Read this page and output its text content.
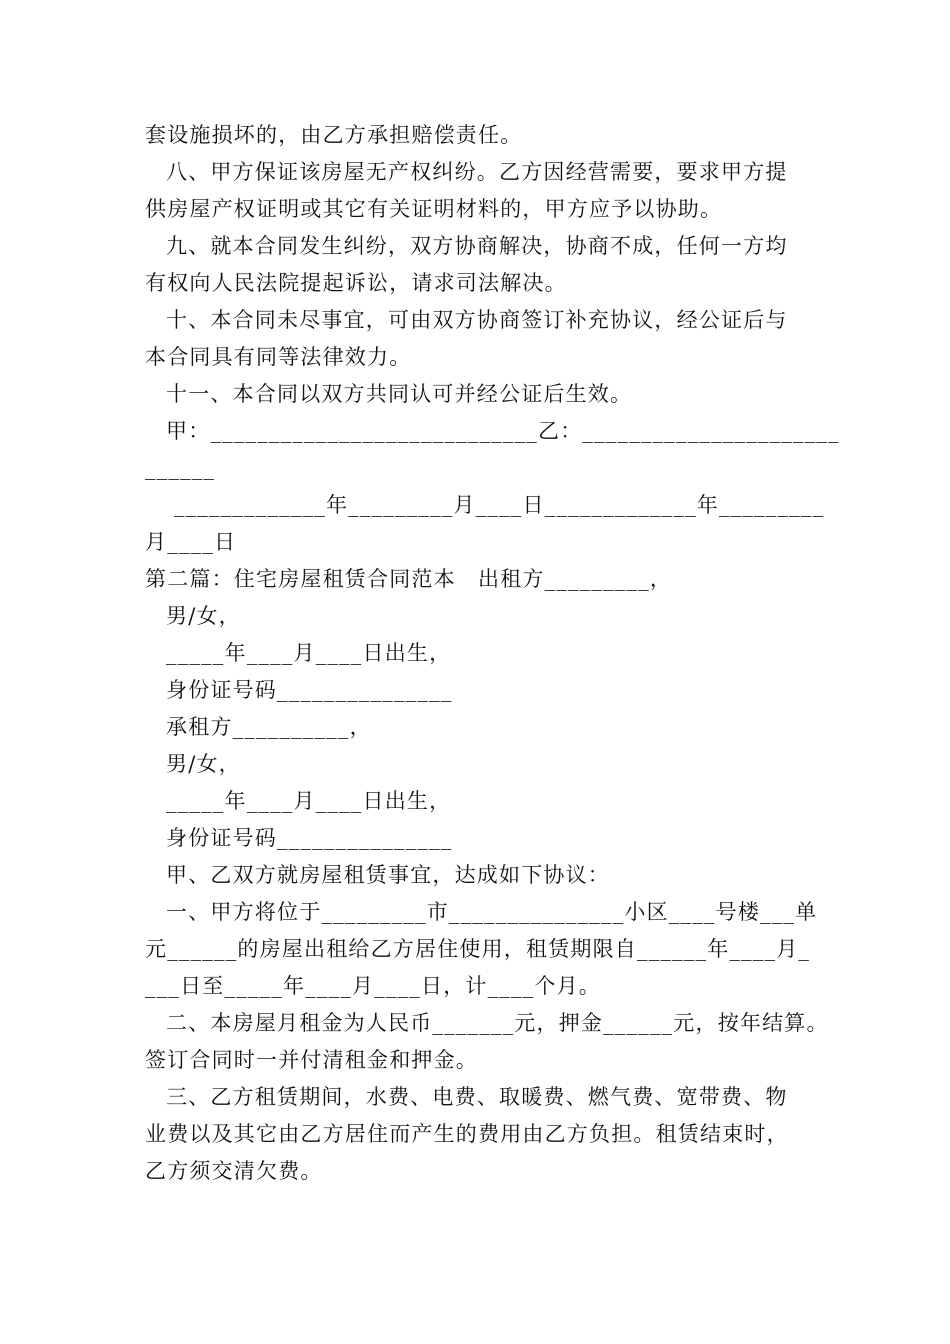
套设施损坏的，由乙方承担赔偿责任。

八、甲方保证该房屋无产权纠纷。乙方因经营需要，要求甲方提

供房屋产权证明或其它有关证明材料的，甲方应予以协助。

九、就本合同发生纠纷，双方协商解决，协商不成，任何一方均

有权向人民法院提起诉讼，请求司法解决。

十、本合同未尽事宜，可由双方协商签订补充协议，经公证后与

本合同具有同等法律效力。

十一、本合同以双方共同认可并经公证后生效。

甲：____________________________乙：______________________

______

_____________年_________月____日_____________年_________

月____日

第二篇：住宅房屋租赁合同范本　出租方_________，

男/女，

_____年____月____日出生，

身份证号码_______________

承租方__________，

男/女，

_____年____月____日出生，

身份证号码_______________

甲、乙双方就房屋租赁事宜，达成如下协议：

一、甲方将位于_________市_______________小区____号楼___单

元______的房屋出租给乙方居住使用，租赁期限自______年____月_

___日至_____年____月____日，计____个月。

二、本房屋月租金为人民币_______元，押金______元，按年结算。

签订合同时一并付清租金和押金。

三、乙方租赁期间，水费、电费、取暖费、燃气费、宽带费、物

业费以及其它由乙方居住而产生的费用由乙方负担。租赁结束时，

乙方须交清欠费。
